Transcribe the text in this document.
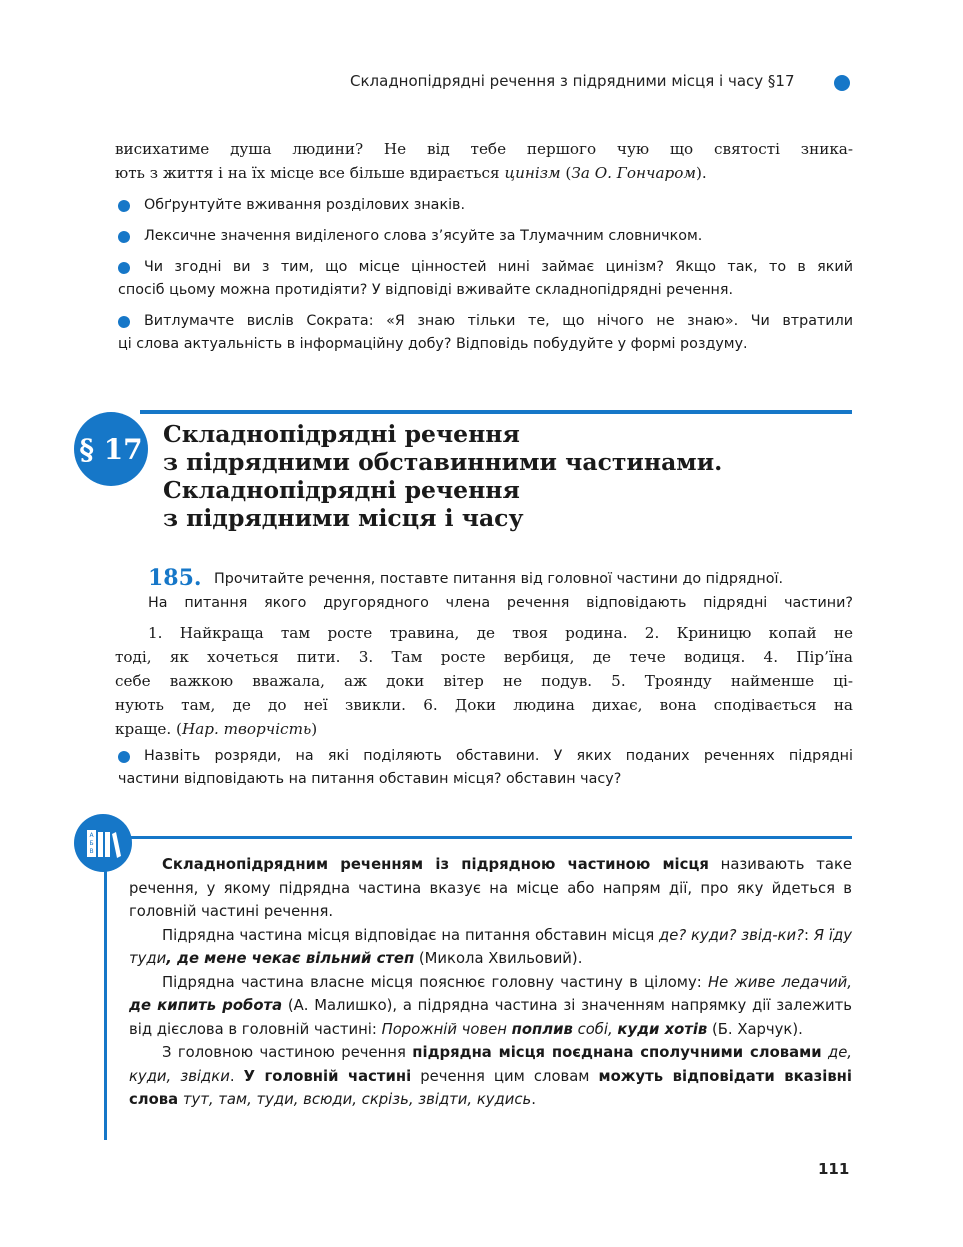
Складнопідрядні речення з підрядними місця і часу §17
висихатиме душа людини? Не від тебе першого чую що святості зника-
ють з життя і на їх місце все більше вдирається цинізм (За О. Гончаром).
Обґрунтуйте вживання розділових знаків.
Лексичне значення виділеного слова з’ясуйте за Тлумачним словничком.
Чи згодні ви з тим, що місце цінностей нині займає цинізм? Якщо так, то в який
спосіб цьому можна протидіяти? У відповіді вживайте складнопідрядні речення.
Витлумачте вислів Сократа: «Я знаю тільки те, що нічого не знаю». Чи втратили
ці слова актуальність в інформаційну добу? Відповідь побудуйте у формі роздуму.
§ 17 Складнопідрядні речення
з підрядними обставинними частинами.
Складнопідрядні речення
з підрядними місця і часу
185. Прочитайте речення, поставте питання від головної частини до підрядної.
На питання якого другорядного члена речення відповідають підрядні частини?
1. Найкраща там росте травина, де твоя родина. 2. Криницю копай не
тоді, як хочеться пити. 3. Там росте вербиця, де тече водиця. 4. Пір’їна
себе важкою вважала, аж доки вітер не подув. 5. Троянду найменше ці-
нують там, де до неї звикли. 6. Доки людина дихає, вона сподівається на
краще. (Нар. творчість)
Назвіть розряди, на які поділяють обставини. У яких поданих реченнях підрядні
частини відповідають на питання обставин місця? обставин часу?
А
Б
В

Складнопідрядним реченням із підрядною частиною місця називають таке речення, у якому підрядна частина вказує на місце або напрям дії, про яку йдеться в головній частині речення.

Підрядна частина місця відповідає на питання обставин місця де? куди? звід-ки?: Я їду туди, де мене чекає вільний степ (Микола Хвильовий).

Підрядна частина власне місця пояснює головну частину в цілому: Не живе ледачий, де кипить робота (А. Малишко), а підрядна частина зі значенням напрямку дії залежить від дієслова в головній частині: Порожній човен поплив собі, куди хотів (Б. Харчук).

З головною частиною речення підрядна місця поєднана сполучними словами де, куди, звідки. У головній частині речення цим словам можуть відповідати вказівні слова тут, там, туди, всюди, скрізь, звідти, кудись.

111
